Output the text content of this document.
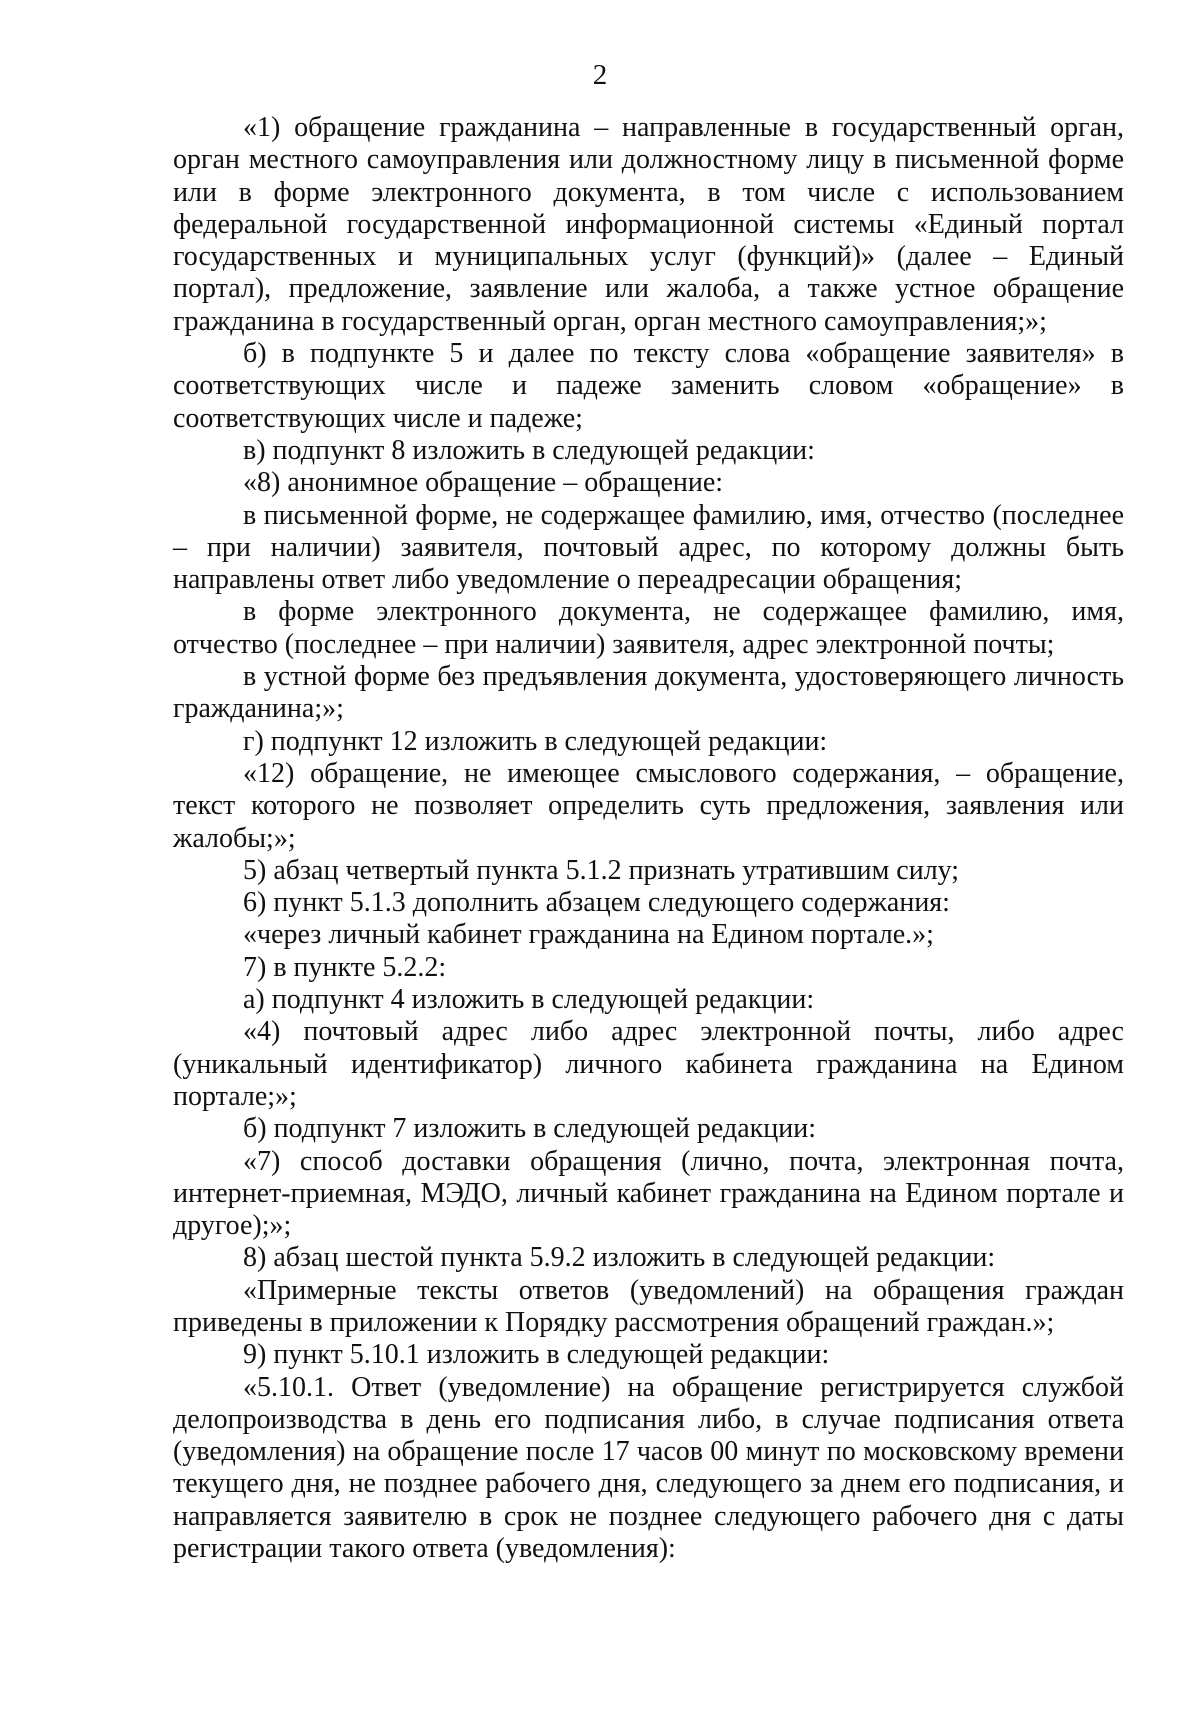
2

«1) обращение гражданина – направленные в государственный орган, орган местного самоуправления или должностному лицу в письменной форме или в форме электронного документа, в том числе с использованием федеральной государственной информационной системы «Единый портал государственных и муниципальных услуг (функций)» (далее – Единый портал), предложение, заявление или жалоба, а также устное обращение гражданина в государственный орган, орган местного самоуправления;»;

б) в подпункте 5 и далее по тексту слова «обращение заявителя» в соответствующих числе и падеже заменить словом «обращение» в соответствующих числе и падеже;

в) подпункт 8 изложить в следующей редакции:

«8) анонимное обращение – обращение:

в письменной форме, не содержащее фамилию, имя, отчество (последнее – при наличии) заявителя, почтовый адрес, по которому должны быть направлены ответ либо уведомление о переадресации обращения;

в форме электронного документа, не содержащее фамилию, имя, отчество (последнее – при наличии) заявителя, адрес электронной почты;

в устной форме без предъявления документа, удостоверяющего личность гражданина;»;

г) подпункт 12 изложить в следующей редакции:

«12) обращение, не имеющее смыслового содержания, – обращение, текст которого не позволяет определить суть предложения, заявления или жалобы;»;

5) абзац четвертый пункта 5.1.2 признать утратившим силу;

6) пункт 5.1.3 дополнить абзацем следующего содержания:

«через личный кабинет гражданина на Едином портале.»;

7) в пункте 5.2.2:

а) подпункт 4 изложить в следующей редакции:

«4) почтовый адрес либо адрес электронной почты, либо адрес (уникальный идентификатор) личного кабинета гражданина на Едином портале;»;

б) подпункт 7 изложить в следующей редакции:

«7) способ доставки обращения (лично, почта, электронная почта, интернет-приемная, МЭДО, личный кабинет гражданина на Едином портале и другое);»;

8) абзац шестой пункта 5.9.2 изложить в следующей редакции:

«Примерные тексты ответов (уведомлений) на обращения граждан приведены в приложении к Порядку рассмотрения обращений граждан.»;

9) пункт 5.10.1 изложить в следующей редакции:

«5.10.1. Ответ (уведомление) на обращение регистрируется службой делопроизводства в день его подписания либо, в случае подписания ответа (уведомления) на обращение после 17 часов 00 минут по московскому времени текущего дня, не позднее рабочего дня, следующего за днем его подписания, и направляется заявителю в срок не позднее следующего рабочего дня с даты регистрации такого ответа (уведомления):
